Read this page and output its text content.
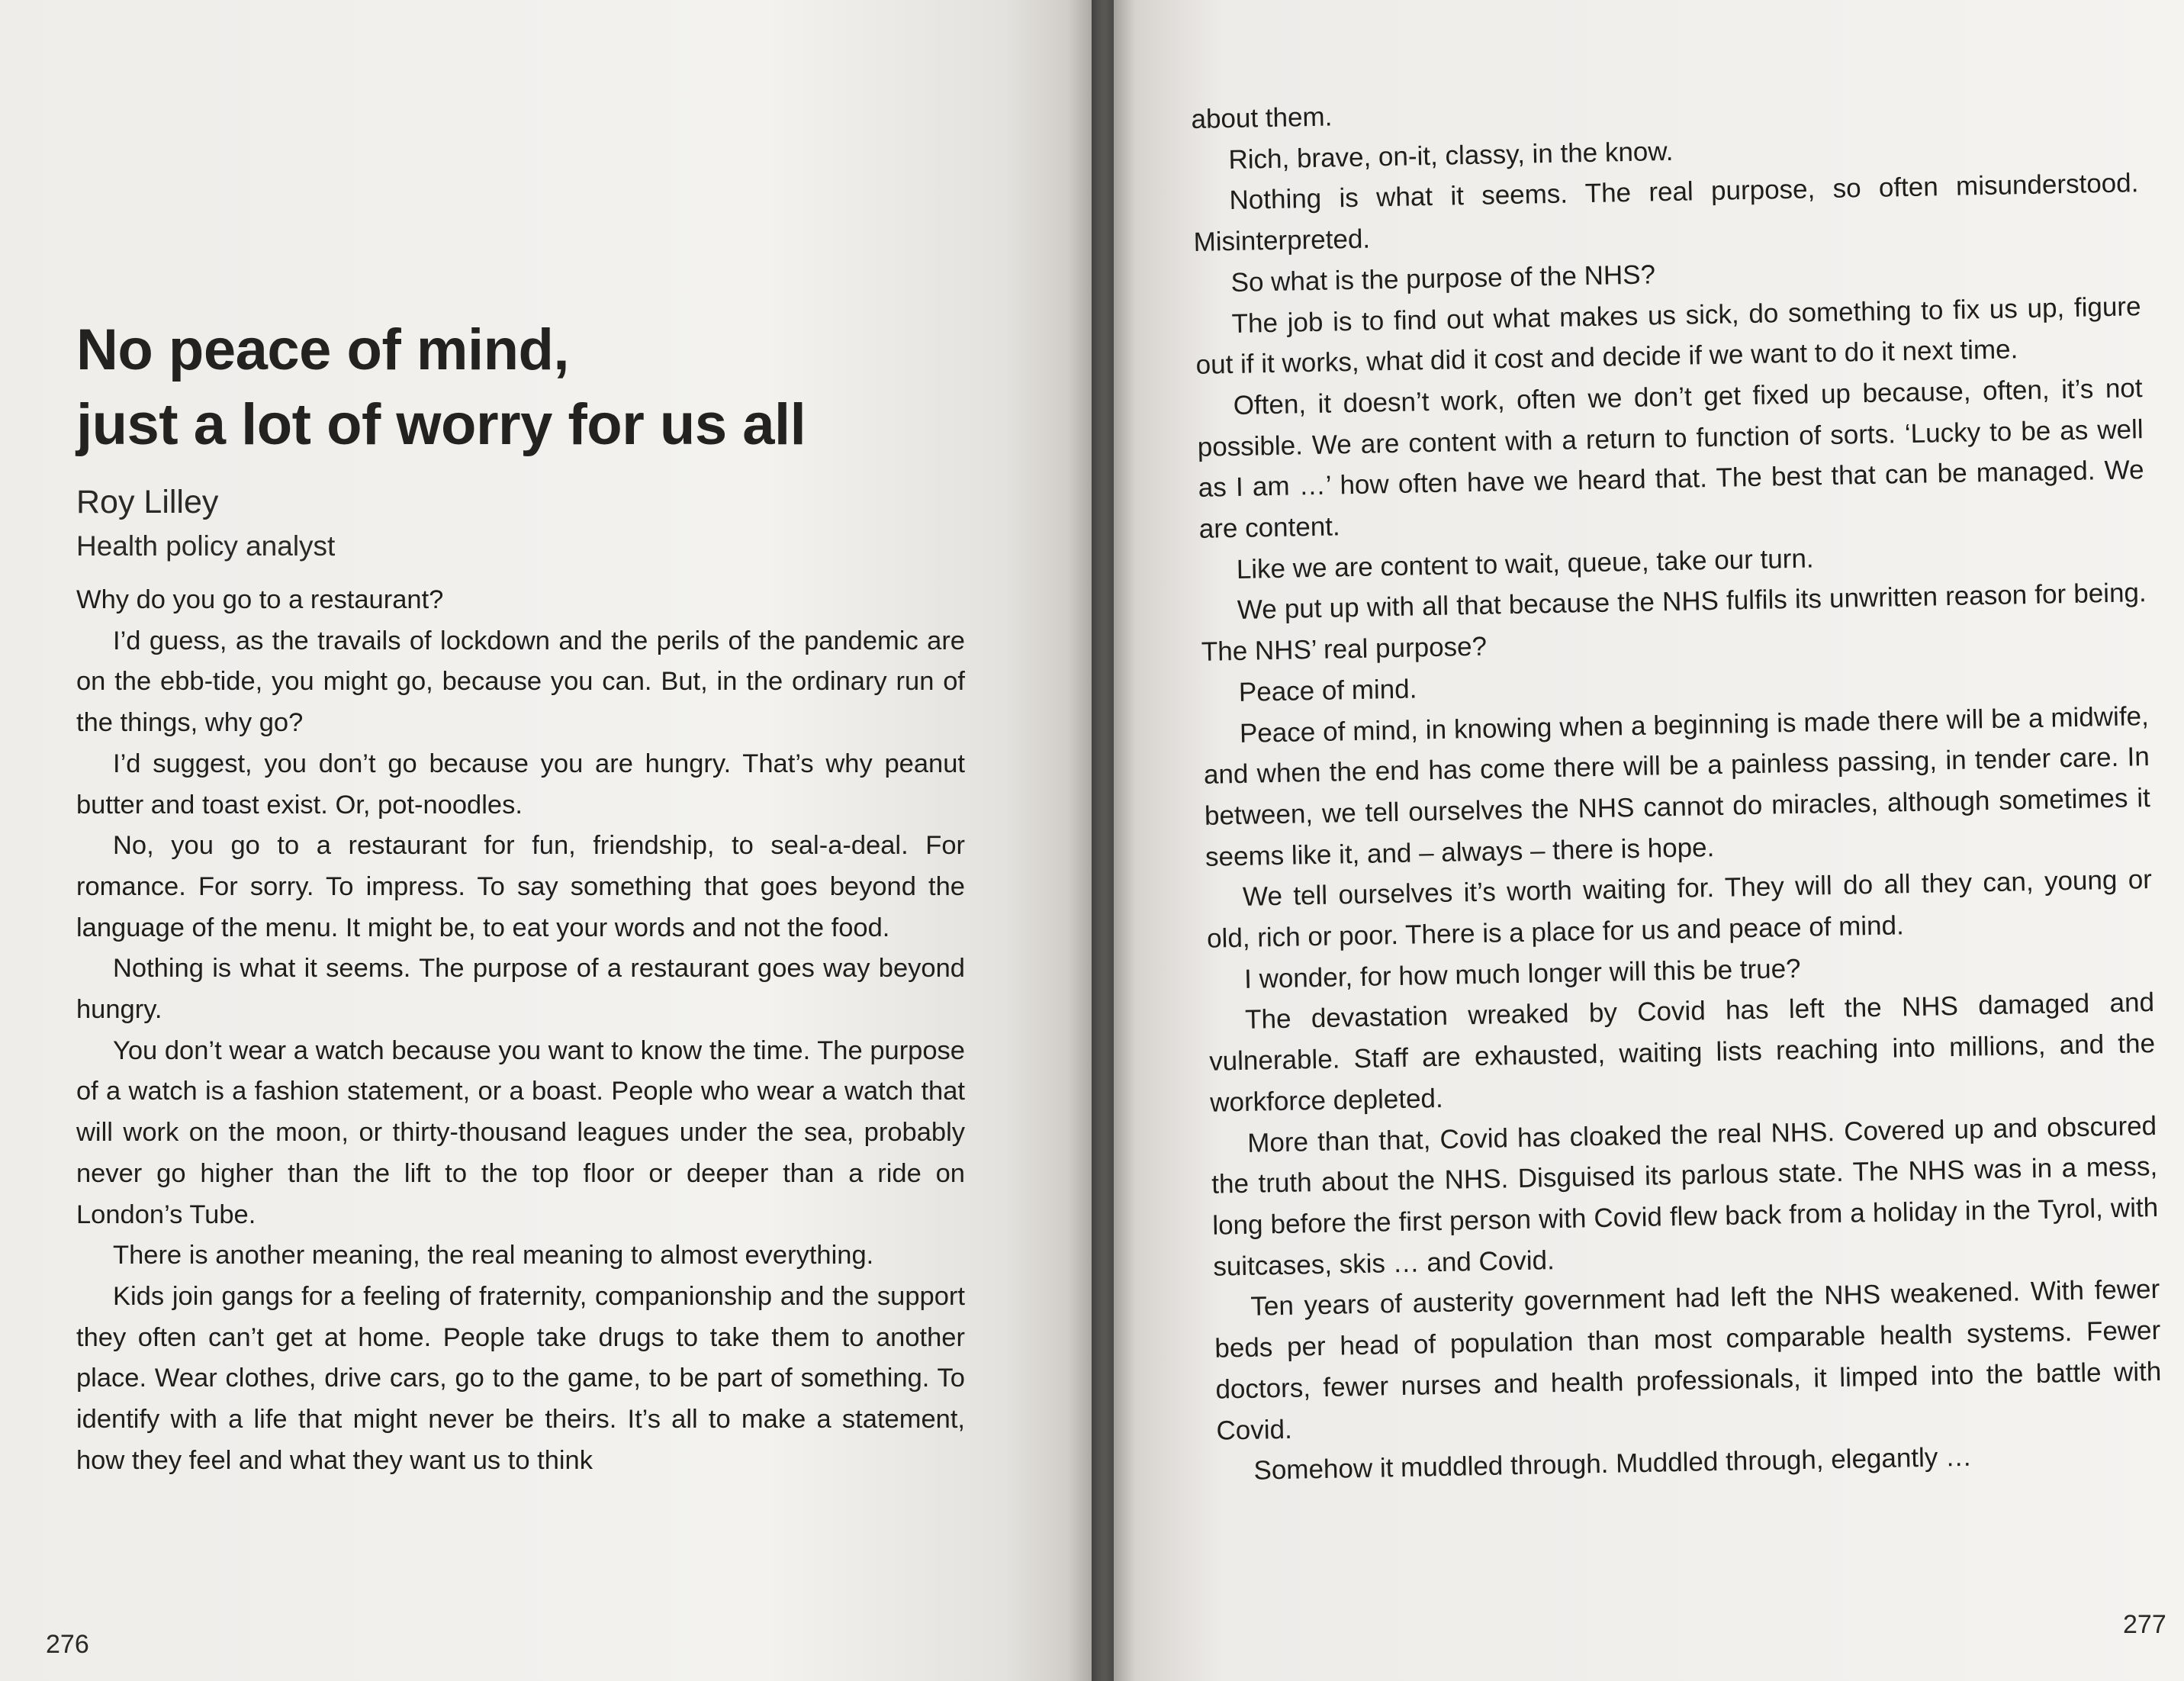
No peace of mind,
just a lot of worry for us all
Roy Lilley
Health policy analyst

Why do you go to a restaurant?

I’d guess, as the travails of lockdown and the perils of the pandemic are on the ebb-tide, you might go, because you can. But, in the ordinary run of the things, why go?

I’d suggest, you don’t go because you are hungry. That’s why peanut butter and toast exist. Or, pot-noodles.

No, you go to a restaurant for fun, friendship, to seal-a-deal. For romance. For sorry. To impress. To say something that goes beyond the language of the menu. It might be, to eat your words and not the food.

Nothing is what it seems. The purpose of a restaurant goes way beyond hungry.

You don’t wear a watch because you want to know the time. The purpose of a watch is a fashion statement, or a boast. People who wear a watch that will work on the moon, or thirty-thousand leagues under the sea, probably never go higher than the lift to the top floor or deeper than a ride on London’s Tube.

There is another meaning, the real meaning to almost everything.

Kids join gangs for a feeling of fraternity, companionship and the support they often can’t get at home. People take drugs to take them to another place. Wear clothes, drive cars, go to the game, to be part of something. To identify with a life that might never be theirs. It’s all to make a statement, how they feel and what they want us to think

276

about them.

Rich, brave, on-it, classy, in the know.

Nothing is what it seems. The real purpose, so often misunderstood. Misinterpreted.

So what is the purpose of the NHS?

The job is to find out what makes us sick, do something to fix us up, figure out if it works, what did it cost and decide if we want to do it next time.

Often, it doesn’t work, often we don’t get fixed up because, often, it’s not possible. We are content with a return to function of sorts. ‘Lucky to be as well as I am …’ how often have we heard that. The best that can be managed. We are content.

Like we are content to wait, queue, take our turn.

We put up with all that because the NHS fulfils its unwritten reason for being. The NHS’ real purpose?

Peace of mind.

Peace of mind, in knowing when a beginning is made there will be a midwife, and when the end has come there will be a painless passing, in tender care. In between, we tell ourselves the NHS cannot do miracles, although sometimes it seems like it, and – always – there is hope.

We tell ourselves it’s worth waiting for. They will do all they can, young or old, rich or poor. There is a place for us and peace of mind.

I wonder, for how much longer will this be true?

The devastation wreaked by Covid has left the NHS damaged and vulnerable. Staff are exhausted, waiting lists reaching into millions, and the workforce depleted.

More than that, Covid has cloaked the real NHS. Covered up and obscured the truth about the NHS. Disguised its parlous state. The NHS was in a mess, long before the first person with Covid flew back from a holiday in the Tyrol, with suitcases, skis … and Covid.

Ten years of austerity government had left the NHS weakened. With fewer beds per head of population than most comparable health systems. Fewer doctors, fewer nurses and health professionals, it limped into the battle with Covid.

Somehow it muddled through. Muddled through, elegantly …

277
